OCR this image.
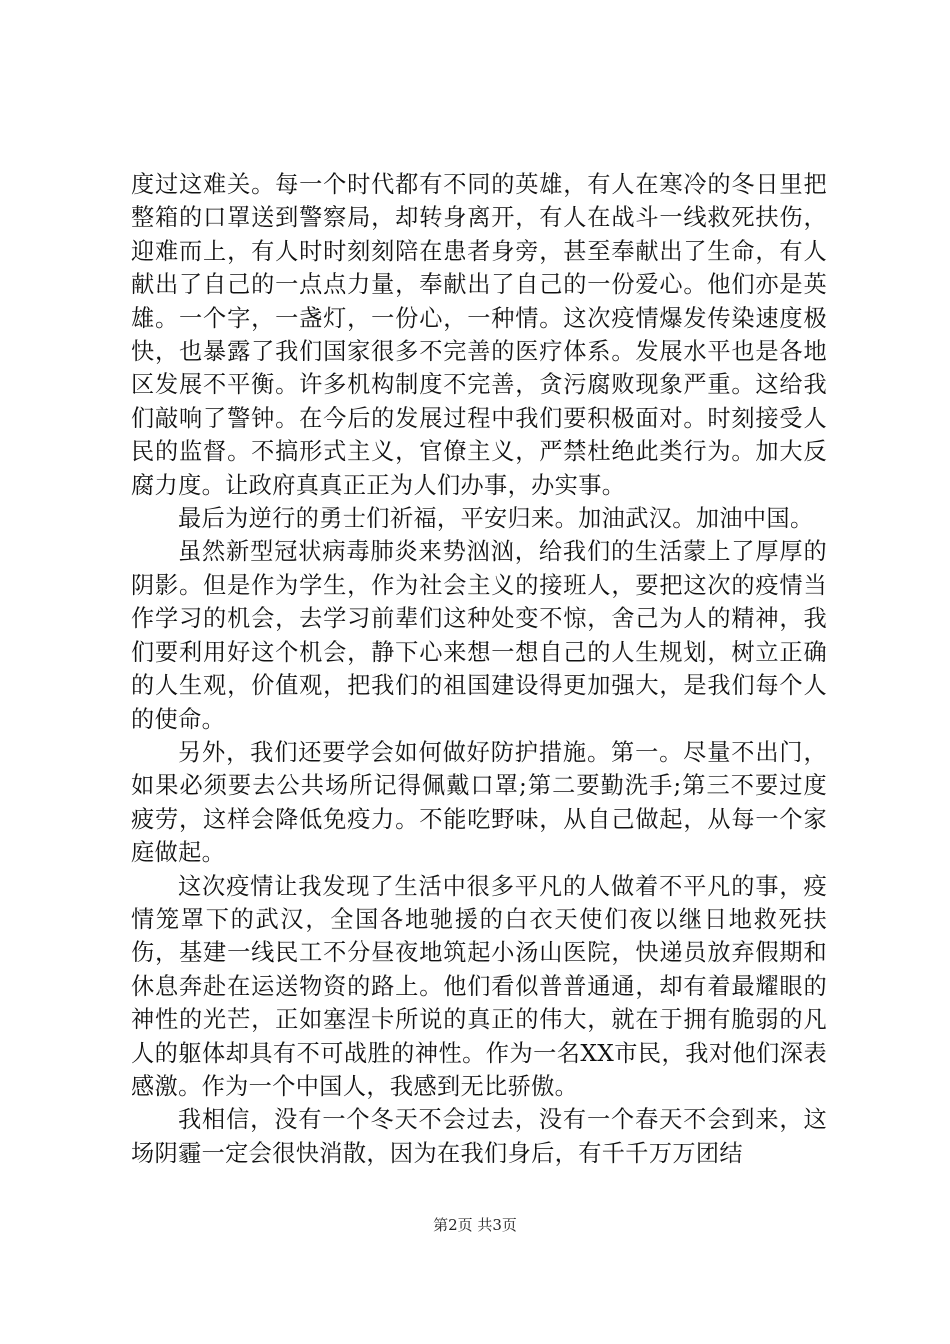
度过这难关。每一个时代都有不同的英雄，有人在寒冷的冬日里把整箱的口罩送到警察局，却转身离开，有人在战斗一线救死扶伤，迎难而上，有人时时刻刻陪在患者身旁，甚至奉献出了生命，有人献出了自己的一点点力量，奉献出了自己的一份爱心。他们亦是英雄。一个字，一盏灯，一份心，一种情。这次疫情爆发传染速度极快，也暴露了我们国家很多不完善的医疗体系。发展水平也是各地区发展不平衡。许多机构制度不完善，贪污腐败现象严重。这给我们敲响了警钟。在今后的发展过程中我们要积极面对。时刻接受人民的监督。不搞形式主义，官僚主义，严禁杜绝此类行为。加大反腐力度。让政府真真正正为人们办事，办实事。

最后为逆行的勇士们祈福，平安归来。加油武汉。加油中国。

虽然新型冠状病毒肺炎来势汹汹，给我们的生活蒙上了厚厚的阴影。但是作为学生，作为社会主义的接班人，要把这次的疫情当作学习的机会，去学习前辈们这种处变不惊，舍己为人的精神，我们要利用好这个机会，静下心来想一想自己的人生规划，树立正确的人生观，价值观，把我们的祖国建设得更加强大，是我们每个人的使命。

另外，我们还要学会如何做好防护措施。第一。尽量不出门，如果必须要去公共场所记得佩戴口罩;第二要勤洗手;第三不要过度疲劳，这样会降低免疫力。不能吃野味，从自己做起，从每一个家庭做起。

这次疫情让我发现了生活中很多平凡的人做着不平凡的事，疫情笼罩下的武汉，全国各地驰援的白衣天使们夜以继日地救死扶伤，基建一线民工不分昼夜地筑起小汤山医院，快递员放弃假期和休息奔赴在运送物资的路上。他们看似普普通通，却有着最耀眼的神性的光芒，正如塞涅卡所说的真正的伟大，就在于拥有脆弱的凡人的躯体却具有不可战胜的神性。作为一名XX市民，我对他们深表感激。作为一个中国人，我感到无比骄傲。

我相信，没有一个冬天不会过去，没有一个春天不会到来，这场阴霾一定会很快消散，因为在我们身后，有千千万万团结

第2页 共3页
